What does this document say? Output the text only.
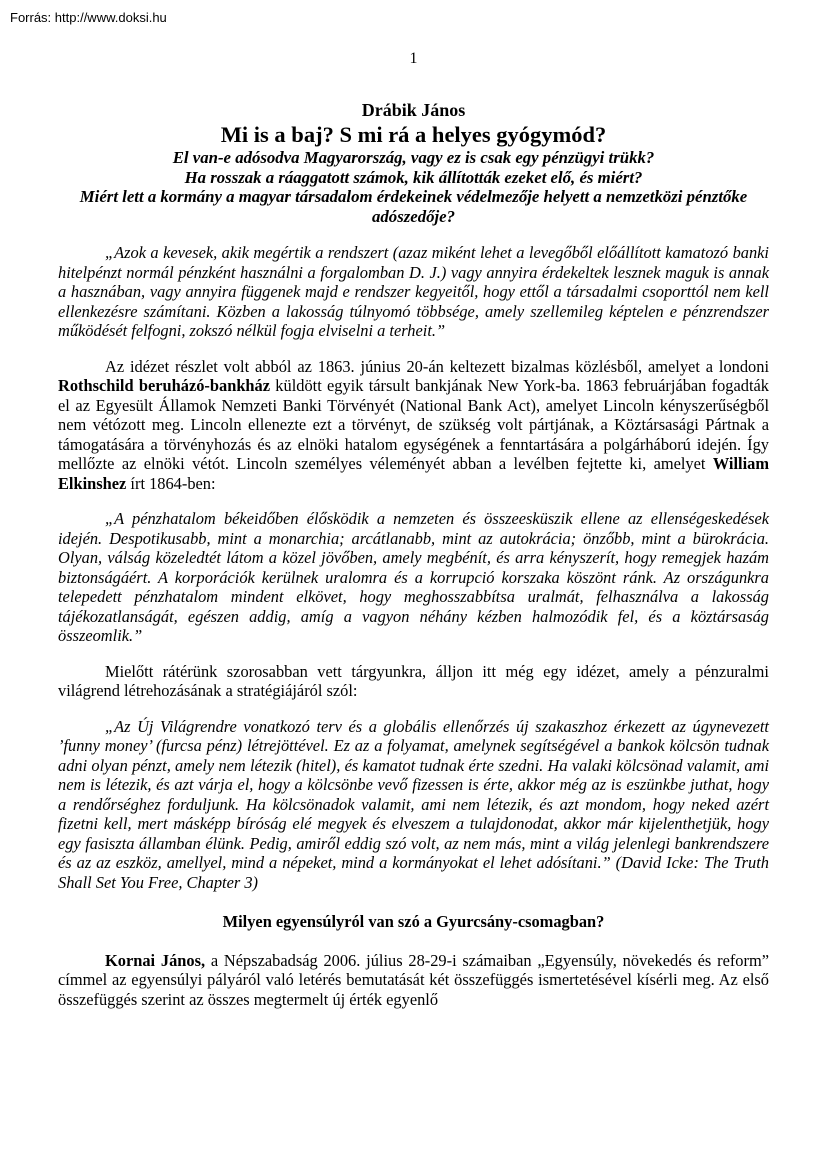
Forrás: http://www.doksi.hu
1
Drábik János
Mi is a baj? S mi rá a helyes gyógymód?
El van-e adósodva Magyarország, vagy ez is csak egy pénzügyi trükk?
Ha rosszak a ráaggatott számok, kik állították ezeket elő, és miért?
Miért lett a kormány a magyar társadalom érdekeinek védelmezője helyett a nemzetközi pénztőke adószedője?

„Azok a kevesek, akik megértik a rendszert (azaz miként lehet a levegőből előállított kamatozó banki hitelpénzt normál pénzként használni a forgalomban D. J.) vagy annyira érdekeltek lesznek maguk is annak a hasznában, vagy annyira függenek majd e rendszer kegyeitől, hogy ettől a társadalmi csoporttól nem kell ellenkezésre számítani. Közben a lakosság túlnyomó többsége, amely szellemileg képtelen e pénzrendszer működését felfogni, zokszó nélkül fogja elviselni a terheit.”

Az idézet részlet volt abból az 1863. június 20-án keltezett bizalmas közlésből, amelyet a londoni Rothschild beruházó-bankház küldött egyik társult bankjának New York-ba. 1863 februárjában fogadták el az Egyesült Államok Nemzeti Banki Törvényét (National Bank Act), amelyet Lincoln kényszerűségből nem vétózott meg. Lincoln ellenezte ezt a törvényt, de szükség volt pártjának, a Köztársasági Pártnak a támogatására a törvényhozás és az elnöki hatalom egységének a fenntartására a polgárháború idején. Így mellőzte az elnöki vétót. Lincoln személyes véleményét abban a levélben fejtette ki, amelyet William Elkinshez írt 1864-ben:

„A pénzhatalom békeidőben élősködik a nemzeten és összeesküszik ellene az ellenségeskedések idején. Despotikusabb, mint a monarchia; arcátlanabb, mint az autokrácia; önzőbb, mint a bürokrácia. Olyan, válság közeledtét látom a közel jövőben, amely megbénít, és arra kényszerít, hogy remegjek hazám biztonságáért. A korporációk kerülnek uralomra és a korrupció korszaka köszönt ránk. Az országunkra telepedett pénzhatalom mindent elkövet, hogy meghosszabbítsa uralmát, felhasználva a lakosság tájékozatlanságát, egészen addig, amíg a vagyon néhány kézben halmozódik fel, és a köztársaság összeomlik.”

Mielőtt rátérünk szorosabban vett tárgyunkra, álljon itt még egy idézet, amely a pénzuralmi világrend létrehozásának a stratégiájáról szól:

„Az Új Világrendre vonatkozó terv és a globális ellenőrzés új szakaszhoz érkezett az úgynevezett ’funny money’ (furcsa pénz) létrejöttével. Ez az a folyamat, amelynek segítségével a bankok kölcsön tudnak adni olyan pénzt, amely nem létezik (hitel), és kamatot tudnak érte szedni. Ha valaki kölcsönad valamit, ami nem is létezik, és azt várja el, hogy a kölcsönbe vevő fizessen is érte, akkor még az is eszünkbe juthat, hogy a rendőrséghez forduljunk. Ha kölcsönadok valamit, ami nem létezik, és azt mondom, hogy neked azért fizetni kell, mert másképp bíróság elé megyek és elveszem a tulajdonodat, akkor már kijelenthetjük, hogy egy fasiszta államban élünk. Pedig, amiről eddig szó volt, az nem más, mint a világ jelenlegi bankrendszere és az az eszköz, amellyel, mind a népeket, mind a kormányokat el lehet adósítani.” (David Icke: The Truth Shall Set You Free, Chapter 3)

Milyen egyensúlyról van szó a Gyurcsány-csomagban?

Kornai János, a Népszabadság 2006. július 28-29-i számaiban „Egyensúly, növekedés és reform” címmel az egyensúlyi pályáról való letérés bemutatását két összefüggés ismertetésével kísérli meg. Az első összefüggés szerint az összes megtermelt új érték egyenlő
